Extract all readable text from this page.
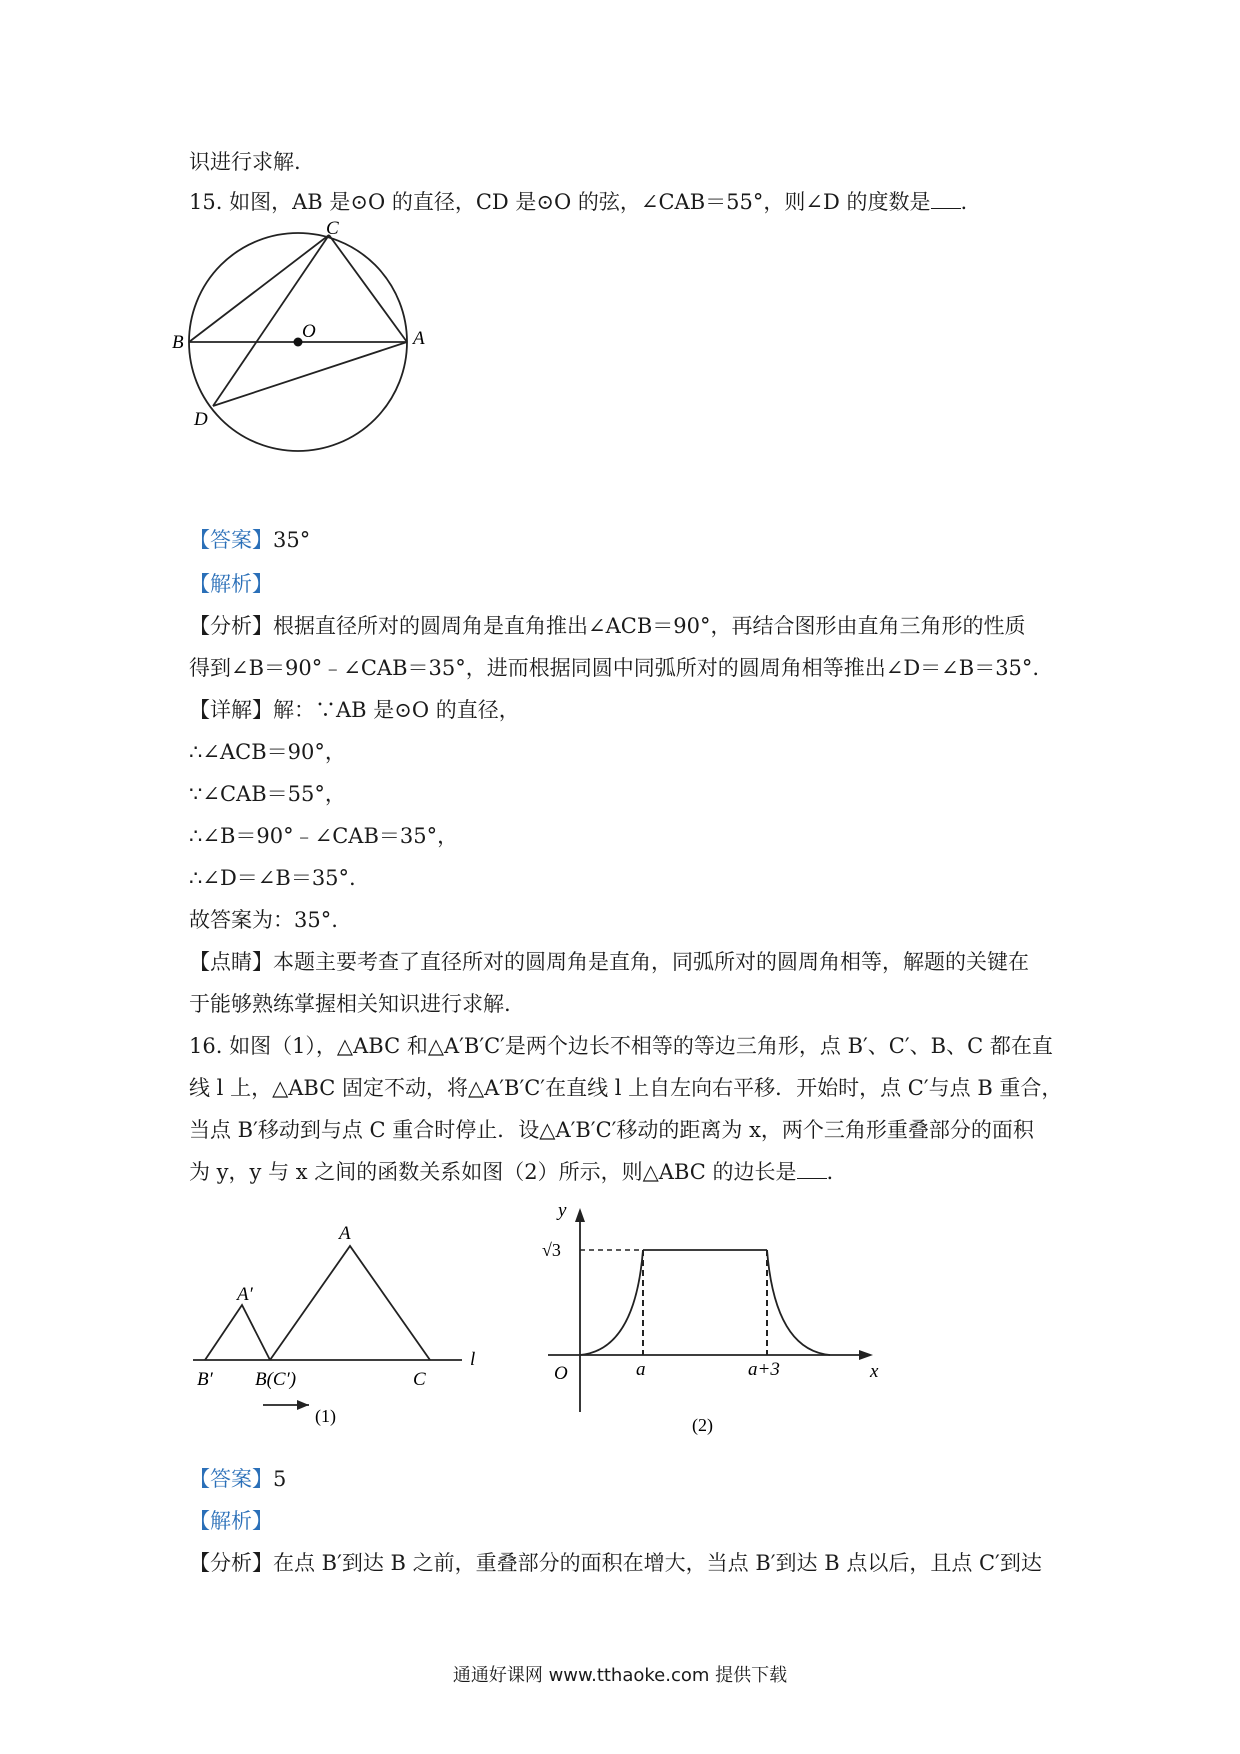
识进行求解.
15. 如图，AB 是⊙O 的直径，CD 是⊙O 的弦，∠CAB＝55°，则∠D 的度数是 .
C
B
O	A
D
【答案】35°
【解析】
【分析】根据直径所对的圆周角是直角推出∠ACB＝90°，再结合图形由直角三角形的性质
得到∠B＝90°﹣∠CAB＝35°，进而根据同圆中同弧所对的圆周角相等推出∠D＝∠B＝35°.
【详解】解：∵AB 是⊙O 的直径，
∴∠ACB＝90°，
∵∠CAB＝55°，
∴∠B＝90°﹣∠CAB＝35°，
∴∠D＝∠B＝35°.
故答案为：35°.
【点睛】本题主要考查了直径所对的圆周角是直角，同弧所对的圆周角相等，解题的关键在
于能够熟练掌握相关知识进行求解.
16. 如图（1），△ABC 和△A′B′C′是两个边长不相等的等边三角形，点 B′、C′、B、C 都在直
线 l 上，△ABC 固定不动，将△A′B′C′在直线 l 上自左向右平移．开始时，点 C′与点 B 重合，
当点 B′移动到与点 C 重合时停止．设△A′B′C′移动的距离为 x，两个三角形重叠部分的面积
为 y，y 与 x 之间的函数关系如图（2）所示，则△ABC 的边长是 .
A
A′
B′ B(C′)	C
l
(1)
y
√3
O	a	a+3	x
(2)
【答案】5
【解析】
【分析】在点 B′到达 B 之前，重叠部分的面积在增大，当点 B′到达 B 点以后，且点 C′到达
通通好课网 www.tthaoke.com 提供下载
